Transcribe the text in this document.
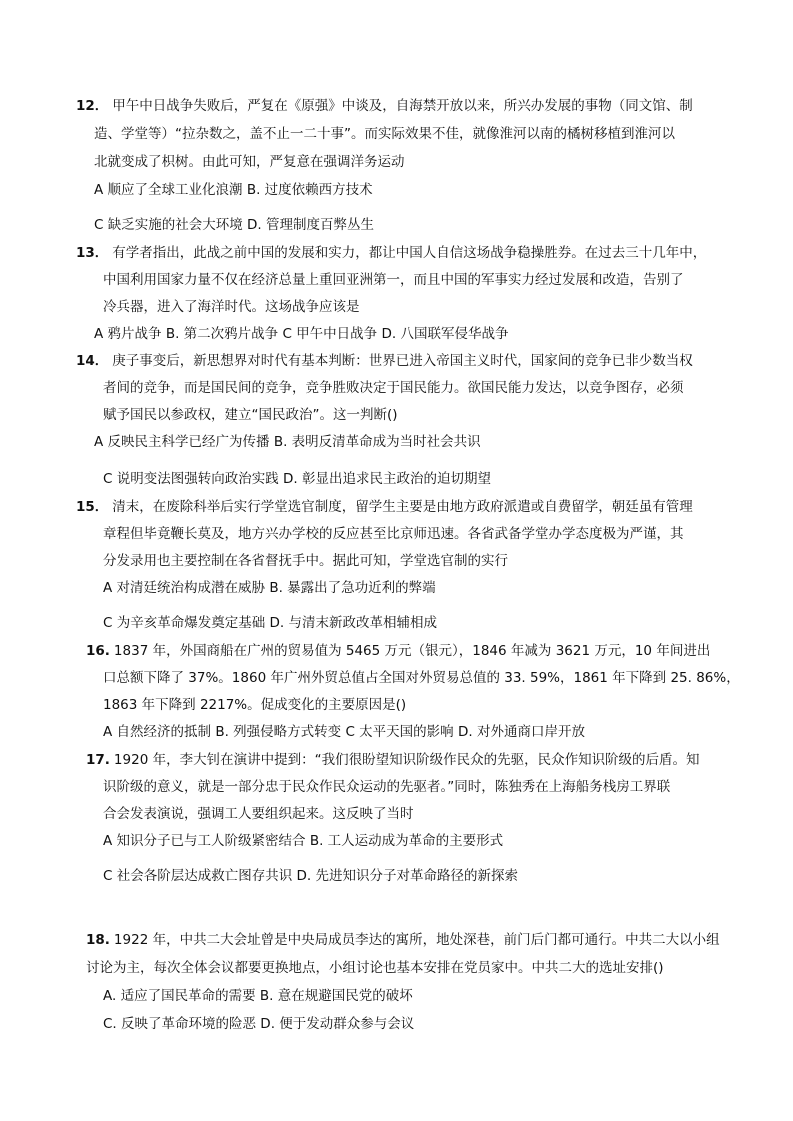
12． 甲午中日战争失败后，严复在《原强》中谈及，自海禁开放以来，所兴办发展的事物（同文馆、制
造、学堂等）“拉杂数之，盖不止一二十事”。而实际效果不佳，就像淮河以南的橘树移植到淮河以
北就变成了枳树。由此可知，严复意在强调洋务运动
A 顺应了全球工业化浪潮 B. 过度依赖西方技术
C 缺乏实施的社会大环境 D. 管理制度百弊丛生
13． 有学者指出，此战之前中国的发展和实力，都让中国人自信这场战争稳操胜券。在过去三十几年中，
中国利用国家力量不仅在经济总量上重回亚洲第一，而且中国的军事实力经过发展和改造，告别了
冷兵器，进入了海洋时代。这场战争应该是
A 鸦片战争 B. 第二次鸦片战争 C 甲午中日战争 D. 八国联军侵华战争
14． 庚子事变后，新思想界对时代有基本判断：世界已进入帝国主义时代，国家间的竞争已非少数当权
者间的竞争，而是国民间的竞争，竞争胜败决定于国民能力。欲国民能力发达，以竞争图存，必须
赋予国民以参政权，建立“国民政治”。这一判断()
A 反映民主科学已经广为传播 B. 表明反清革命成为当时社会共识
C 说明变法图强转向政治实践 D. 彰显出追求民主政治的迫切期望
15． 清末，在废除科举后实行学堂选官制度，留学生主要是由地方政府派遣或自费留学，朝廷虽有管理
章程但毕竟鞭长莫及，地方兴办学校的反应甚至比京师迅速。各省武备学堂办学态度极为严谨，其
分发录用也主要控制在各省督抚手中。据此可知，学堂选官制的实行
A 对清廷统治构成潜在威胁 B. 暴露出了急功近利的弊端
C 为辛亥革命爆发奠定基础 D. 与清末新政改革相辅相成
16. 1837 年，外国商船在广州的贸易值为 5465 万元（银元），1846 年减为 3621 万元，10 年间进出
口总额下降了 37%。1860 年广州外贸总值占全国对外贸易总值的 33. 59%，1861 年下降到 25. 86%，
1863 年下降到 2217%。促成变化的主要原因是()
A 自然经济的抵制 B. 列强侵略方式转变 C 太平天国的影响 D. 对外通商口岸开放
17. 1920 年，李大钊在演讲中提到：“我们很盼望知识阶级作民众的先驱，民众作知识阶级的后盾。知
识阶级的意义，就是一部分忠于民众作民众运动的先驱者。”同时，陈独秀在上海船务栈房工界联
合会发表演说，强调工人要组织起来。这反映了当时
A 知识分子已与工人阶级紧密结合 B. 工人运动成为革命的主要形式
C 社会各阶层达成救亡图存共识 D. 先进知识分子对革命路径的新探索
18. 1922 年，中共二大会址曾是中央局成员李达的寓所，地处深巷，前门后门都可通行。中共二大以小组
讨论为主，每次全体会议都要更换地点，小组讨论也基本安排在党员家中。中共二大的选址安排()
A. 适应了国民革命的需要 B. 意在规避国民党的破坏
C. 反映了革命环境的险恶 D. 便于发动群众参与会议
